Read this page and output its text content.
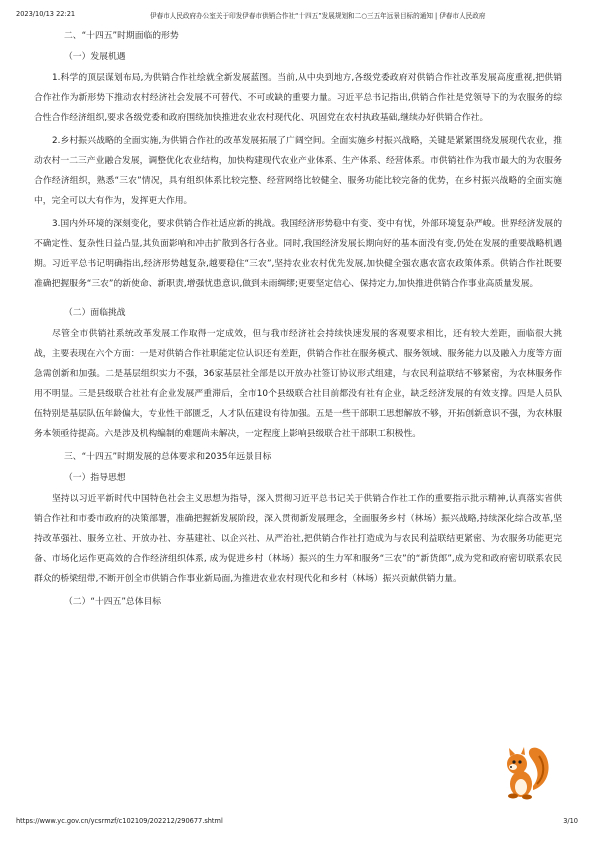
2023/10/13 22:21	伊春市人民政府办公室关于印发伊春市供销合作社“十四五”发展规划和二○三五年远景目标的通知 | 伊春市人民政府

二、“十四五”时期面临的形势

（一）发展机遇

1.科学的顶层谋划布局,为供销合作社绘就全新发展蓝图。当前,从中央到地方,各级党委政府对供销合作社改革发展高度重视,把供销合作社作为新形势下推动农村经济社会发展不可替代、不可或缺的重要力量。习近平总书记指出,供销合作社是党领导下的为农服务的综合性合作经济组织,要求各级党委和政府围绕加快推进农业农村现代化、巩固党在农村执政基础,继续办好供销合作社。

2.乡村振兴战略的全面实施,为供销合作社的改革发展拓展了广阔空间。全面实施乡村振兴战略，关键是紧紧围绕发展现代农业，推动农村一二三产业融合发展，调整优化农业结构，加快构建现代农业产业体系、生产体系、经营体系。市供销社作为我市最大的为农服务合作经济组织，熟悉“三农”情况，具有组织体系比较完整、经营网络比较健全、服务功能比较完备的优势，在乡村振兴战略的全面实施中，完全可以大有作为，发挥更大作用。

3.国内外环境的深刻变化，要求供销合作社适应新的挑战。我国经济形势稳中有变、变中有忧，外部环境复杂严峻。世界经济发展的不确定性、复杂性日益凸显,其负面影响和冲击扩散到各行各业。同时,我国经济发展长期向好的基本面没有变,仍处在发展的重要战略机遇期。习近平总书记明确指出,经济形势越复杂,越要稳住“三农”,坚持农业农村优先发展,加快健全强农惠农富农政策体系。供销合作社既要准确把握服务“三农”的新使命、新职责,增强忧患意识,做到未雨绸缪;更要坚定信心、保持定力,加快推进供销合作事业高质量发展。

（二）面临挑战

尽管全市供销社系统改革发展工作取得一定成效，但与我市经济社会持续快速发展的客观要求相比，还有较大差距，面临很大挑战，主要表现在六个方面：一是对供销合作社职能定位认识还有差距，供销合作社在服务模式、服务领域、服务能力以及融入力度等方面急需创新和加强。二是基层组织实力不强，36家基层社全部是以开放办社签订协议形式组建，与农民利益联结不够紧密，为农林服务作用不明显。三是县级联合社社有企业发展严重滞后，全市10个县级联合社目前都没有社有企业，缺乏经济发展的有效支撑。四是人员队伍特别是基层队伍年龄偏大，专业性干部匮乏，人才队伍建设有待加强。五是一些干部职工思想解放不够，开拓创新意识不强，为农林服务本领亟待提高。六是涉及机构编制的难题尚未解决，一定程度上影响县级联合社干部职工积极性。

三、“十四五”时期发展的总体要求和2035年远景目标

（一）指导思想

坚持以习近平新时代中国特色社会主义思想为指导，深入贯彻习近平总书记关于供销合作社工作的重要指示批示精神,认真落实省供销合作社和市委市政府的决策部署，准确把握新发展阶段，深入贯彻新发展理念，全面服务乡村（林场）振兴战略,持续深化综合改革,坚持改革强社、服务立社、开放办社、夯基建社、以企兴社、从严治社,把供销合作社打造成为与农民利益联结更紧密、为农服务功能更完备、市场化运作更高效的合作经济组织体系, 成为促进乡村（林场）振兴的生力军和服务“三农”的“新货郎”,成为党和政府密切联系农民群众的桥梁纽带,不断开创全市供销合作事业新局面,为推进农业农村现代化和乡村（林场）振兴贡献供销力量。

（二）“十四五”总体目标

https://www.yc.gov.cn/ycsrmzf/c102109/202212/290677.shtml	3/10
